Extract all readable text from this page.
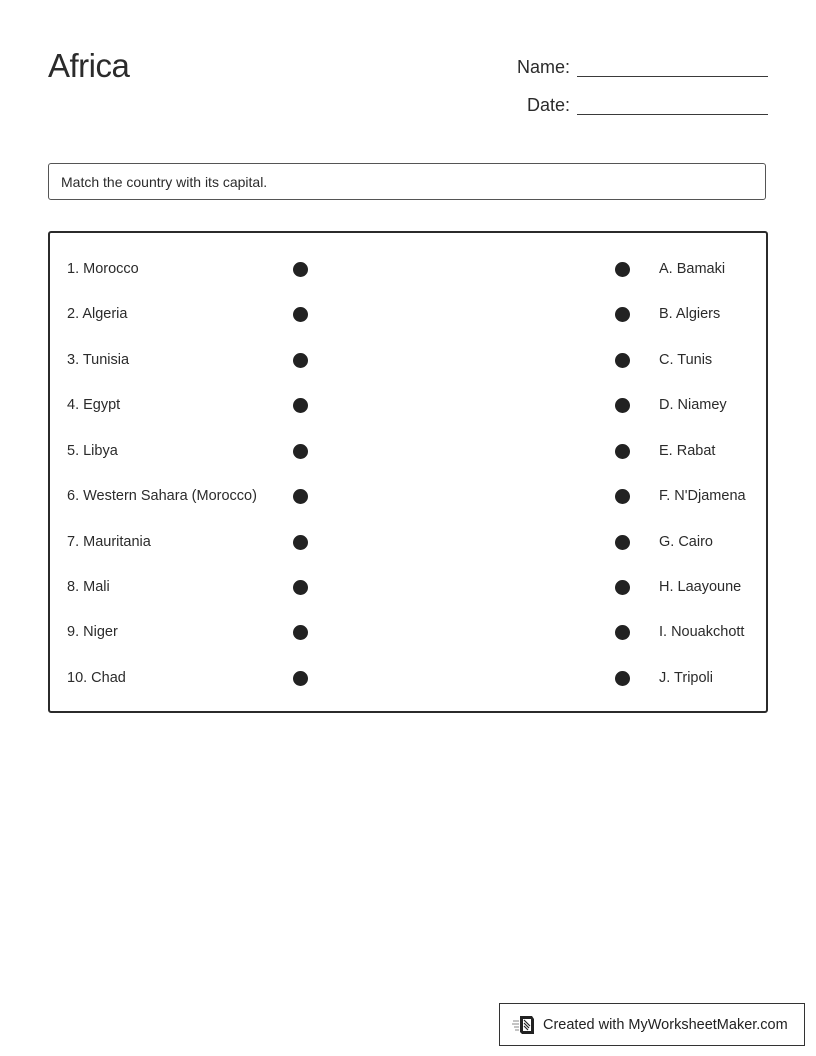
Africa	Name:
Date:
Match the country with its capital.
1. Morocco	A. Bamaki
2. Algeria	B. Algiers
3. Tunisia	C. Tunis
4. Egypt	D. Niamey
5. Libya	E. Rabat
6. Western Sahara (Morocco)	F. N'Djamena
7. Mauritania	G. Cairo
8. Mali	H. Laayoune
9. Niger	I. Nouakchott
10. Chad	J. Tripoli
Created with MyWorksheetMaker.com
